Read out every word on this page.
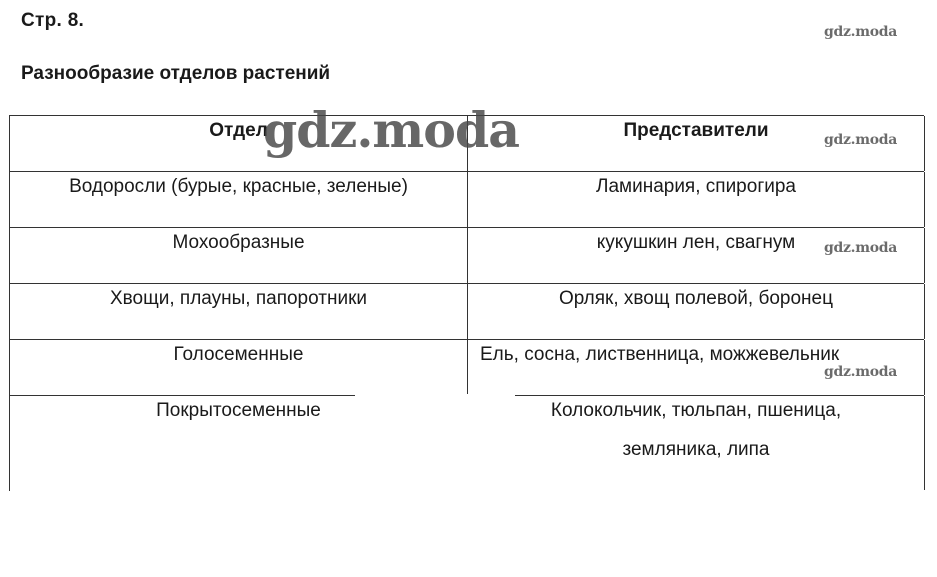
Стр. 8.
Разнообразие отделов растений
Отдел	Представители
Водоросли (бурые, красные, зеленые)	Ламинария, спирогира
Мохообразные	кукушкин лен, свагнум
Хвощи, плауны, папоротники	Орляк, хвощ полевой, боронец
Голосеменные	Ель, сосна, лиственница, можжевельник
Покрытосеменные	Колокольчик, тюльпан, пшеница,
земляника, липа
gdz.moda
gdz.moda
gdz.moda
gdz.moda
gdz.moda
